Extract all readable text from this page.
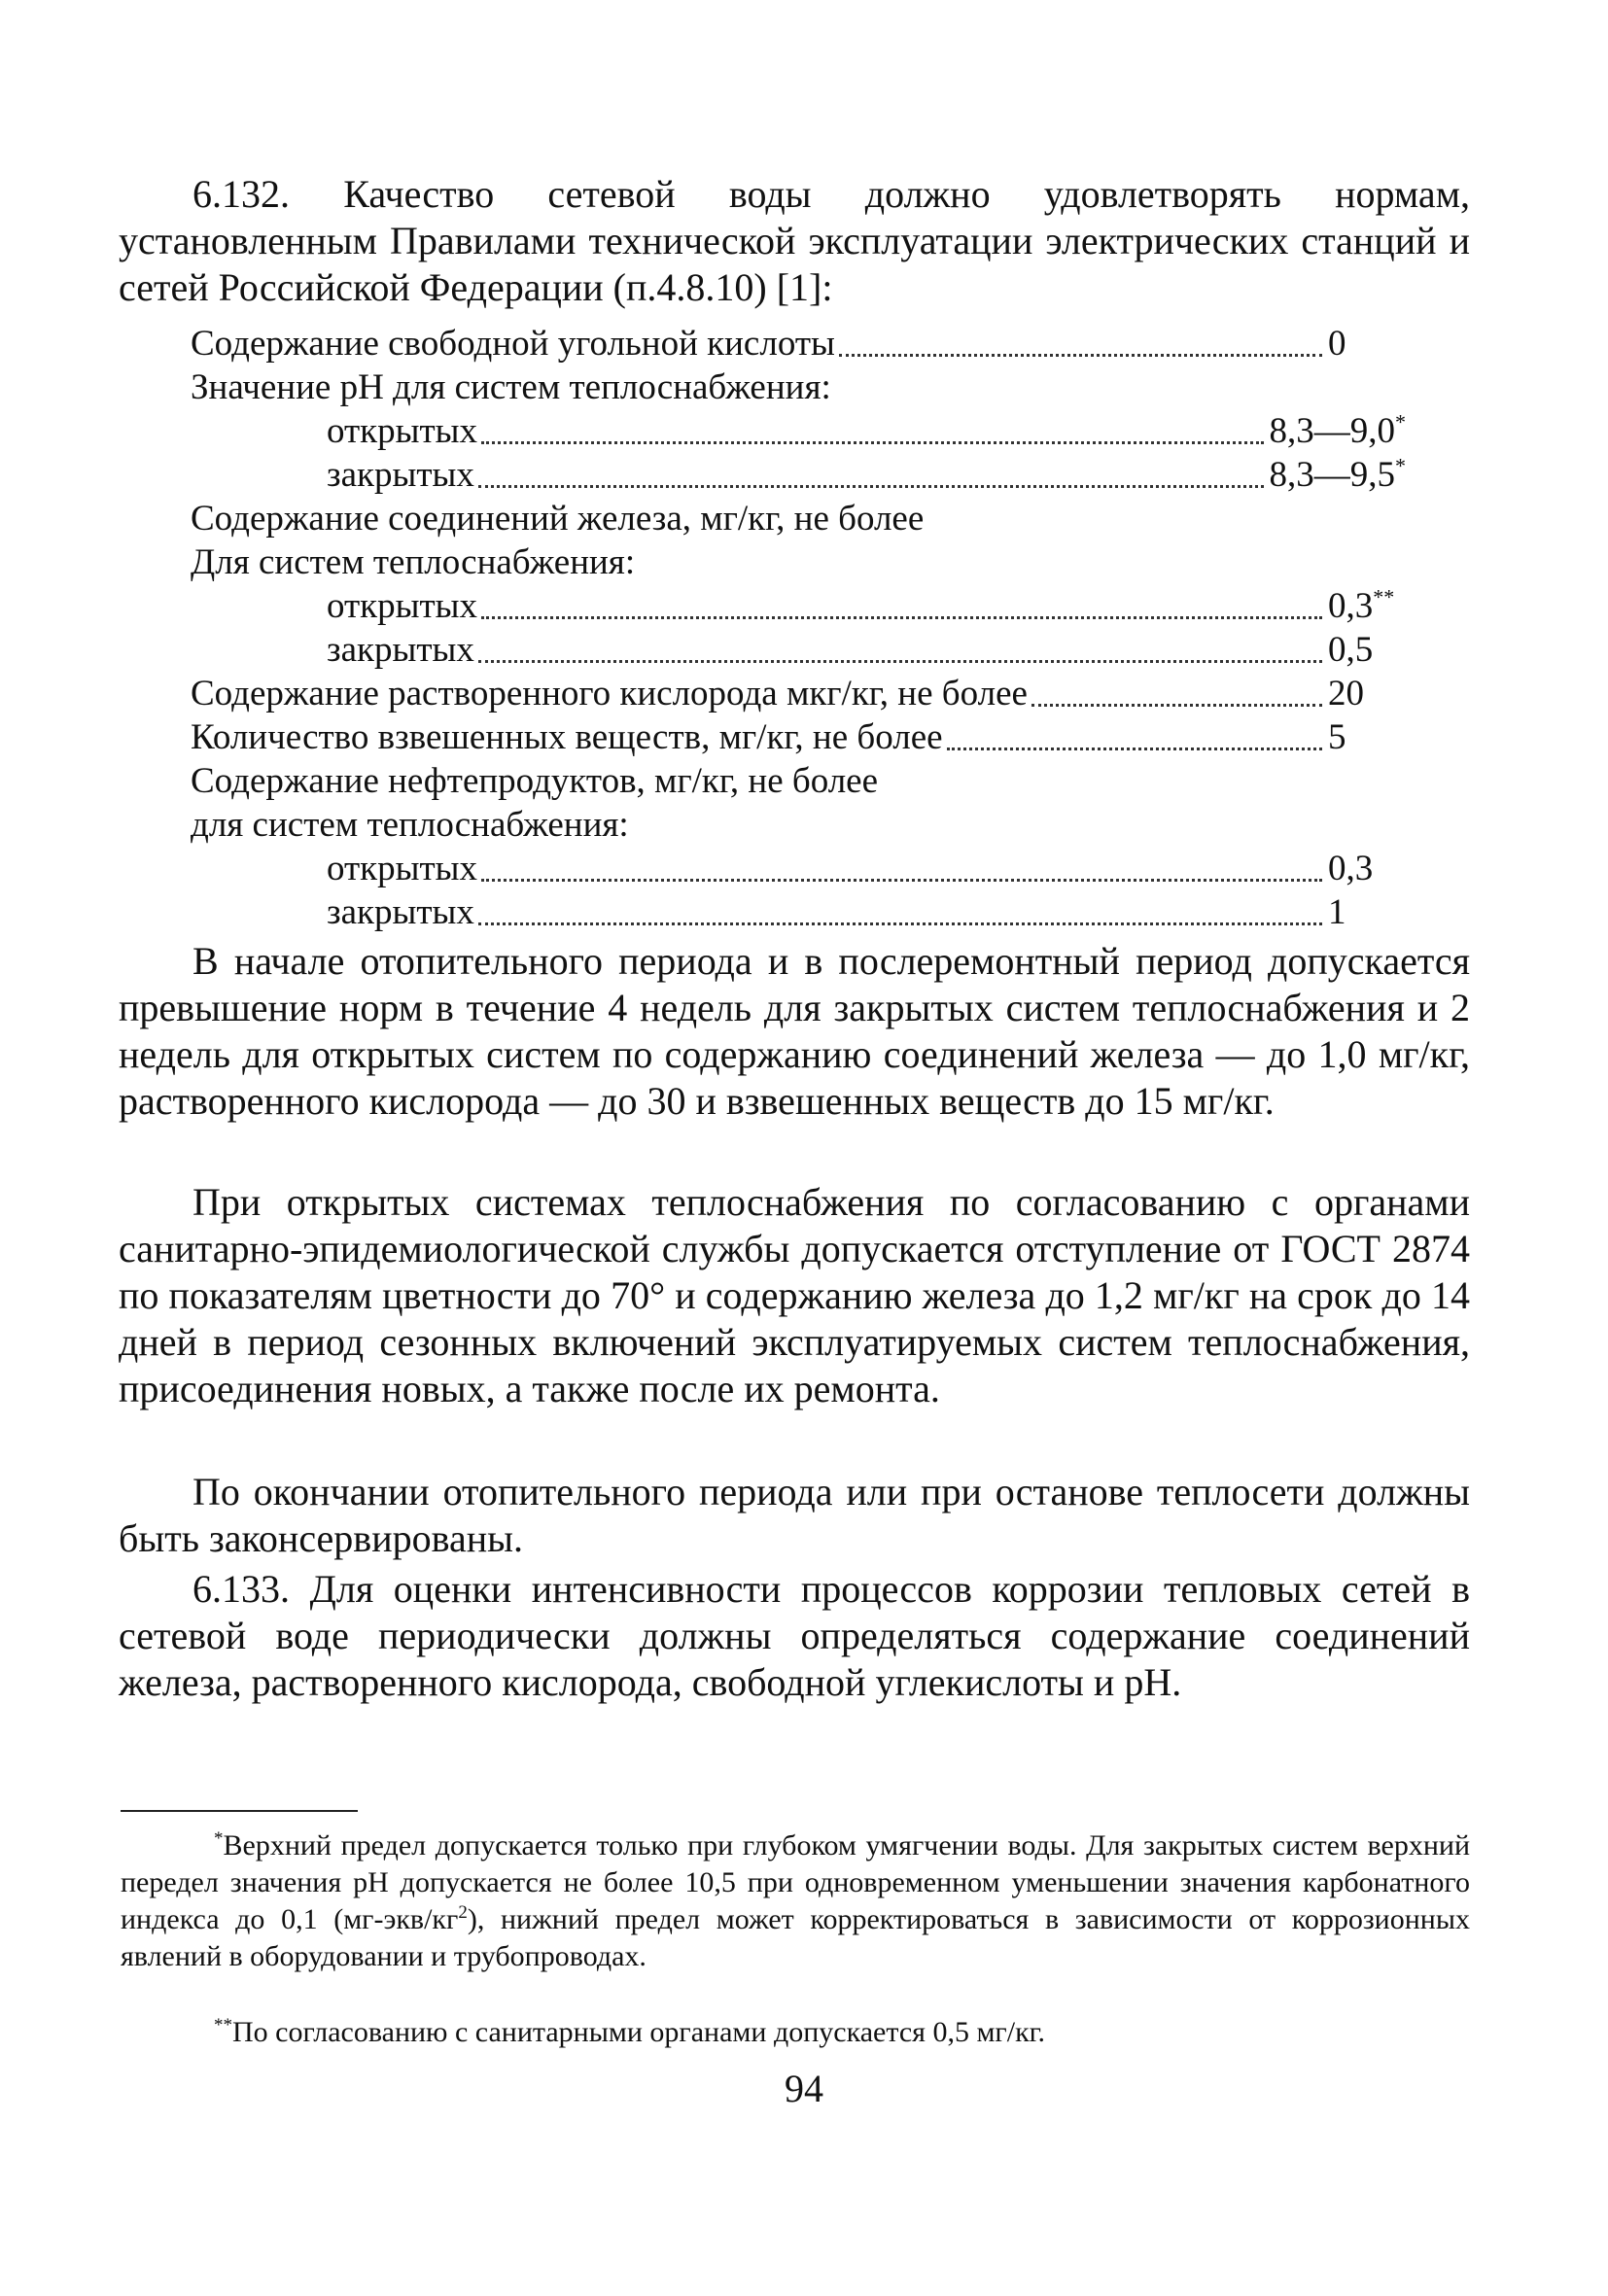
6.132. Качество сетевой воды должно удовлетворять нормам, установленным Правилами технической эксплуатации электрических станций и сетей Российской Федерации (п.4.8.10) [1]:

Содержание свободной угольной кислоты	0
Значение pH для систем теплоснабжения:
открытых	8,3—9,0*
закрытых	8,3—9,5*
Содержание соединений железа, мг/кг, не более
Для систем теплоснабжения:
открытых	0,3**
закрытых	0,5
Содержание растворенного кислорода мкг/кг, не более	20
Количество взвешенных веществ, мг/кг, не более	5
Содержание нефтепродуктов, мг/кг, не более
для систем теплоснабжения:
открытых	0,3
закрытых	1

В начале отопительного периода и в послеремонтный период допускается превышение норм в течение 4 недель для закрытых систем теплоснабжения и 2 недель для открытых систем по содержанию соединений железа — до 1,0 мг/кг, растворенного кислорода — до 30 и взвешенных веществ до 15 мг/кг.

При открытых системах теплоснабжения по согласованию с органами санитарно-эпидемиологической службы допускается отступление от ГОСТ 2874 по показателям цветности до 70° и содержанию железа до 1,2 мг/кг на срок до 14 дней в период сезонных включений эксплуатируемых систем теплоснабжения, присоединения новых, а также после их ремонта.

По окончании отопительного периода или при останове теплосети должны быть законсервированы.

6.133. Для оценки интенсивности процессов коррозии тепловых сетей в сетевой воде периодически должны определяться содержание соединений железа, растворенного кислорода, свободной углекислоты и pH.

*Верхний предел допускается только при глубоком умягчении воды. Для закрытых систем верхний передел значения pH допускается не более 10,5 при одновременном уменьшении значения карбонатного индекса до 0,1 $(мг-экв/кг^2)$, нижний предел может корректироваться в зависимости от коррозионных явлений в оборудовании и трубопроводах.

**По согласованию с санитарными органами допускается 0,5 мг/кг.

94
